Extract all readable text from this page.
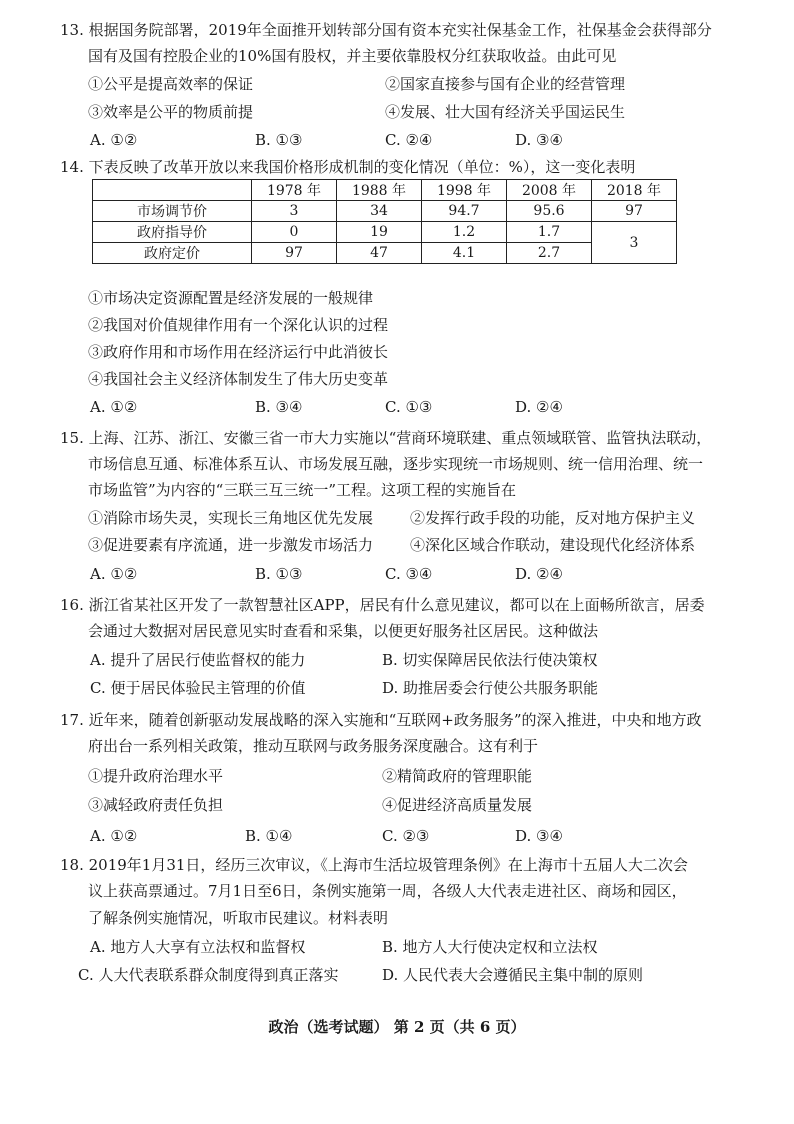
13. 根据国务院部署，2019年全面推开划转部分国有资本充实社保基金工作，社保基金会获得部分
国有及国有控股企业的10%国有股权，并主要依靠股权分红获取收益。由此可见
①公平是提高效率的保证	②国家直接参与国有企业的经营管理
③效率是公平的物质前提	④发展、壮大国有经济关乎国运民生
A. ①②	B. ①③	C. ②④	D. ③④
14. 下表反映了改革开放以来我国价格形成机制的变化情况（单位：%），这一变化表明
	1978 年	1988 年	1998 年	2008 年	2018 年
市场调节价	3	34	94.7	95.6	97
政府指导价	0	19	1.2	1.7	3
政府定价	97	47	4.1	2.7	
①市场决定资源配置是经济发展的一般规律
②我国对价值规律作用有一个深化认识的过程
③政府作用和市场作用在经济运行中此消彼长
④我国社会主义经济体制发生了伟大历史变革
A. ①②	B. ③④	C. ①③	D. ②④
15. 上海、江苏、浙江、安徽三省一市大力实施以“营商环境联建、重点领域联管、监管执法联动，
市场信息互通、标准体系互认、市场发展互融，逐步实现统一市场规则、统一信用治理、统一
市场监管”为内容的“三联三互三统一”工程。这项工程的实施旨在
①消除市场失灵，实现长三角地区优先发展 ②发挥行政手段的功能，反对地方保护主义
③促进要素有序流通，进一步激发市场活力 ④深化区域合作联动，建设现代化经济体系
A. ①②	B. ①③	C. ③④	D. ②④
16. 浙江省某社区开发了一款智慧社区APP，居民有什么意见建议，都可以在上面畅所欲言，居委
会通过大数据对居民意见实时查看和采集，以便更好服务社区居民。这种做法
A. 提升了居民行使监督权的能力	B. 切实保障居民依法行使决策权
C. 便于居民体验民主管理的价值	D. 助推居委会行使公共服务职能
17. 近年来，随着创新驱动发展战略的深入实施和“互联网+政务服务”的深入推进，中央和地方政
府出台一系列相关政策，推动互联网与政务服务深度融合。这有利于
①提升政府治理水平	②精简政府的管理职能
③减轻政府责任负担	④促进经济高质量发展
A. ①②	B. ①④	C. ②③	D. ③④
18. 2019年1月31日，经历三次审议，《上海市生活垃圾管理条例》在上海市十五届人大二次会
议上获高票通过。7月1日至6日，条例实施第一周，各级人大代表走进社区、商场和园区，
了解条例实施情况，听取市民建议。材料表明
A. 地方人大享有立法权和监督权	B. 地方人大行使决定权和立法权
C. 人大代表联系群众制度得到真正落实	D. 人民代表大会遵循民主集中制的原则
政治（选考试题） 第 2 页（共 6 页）
